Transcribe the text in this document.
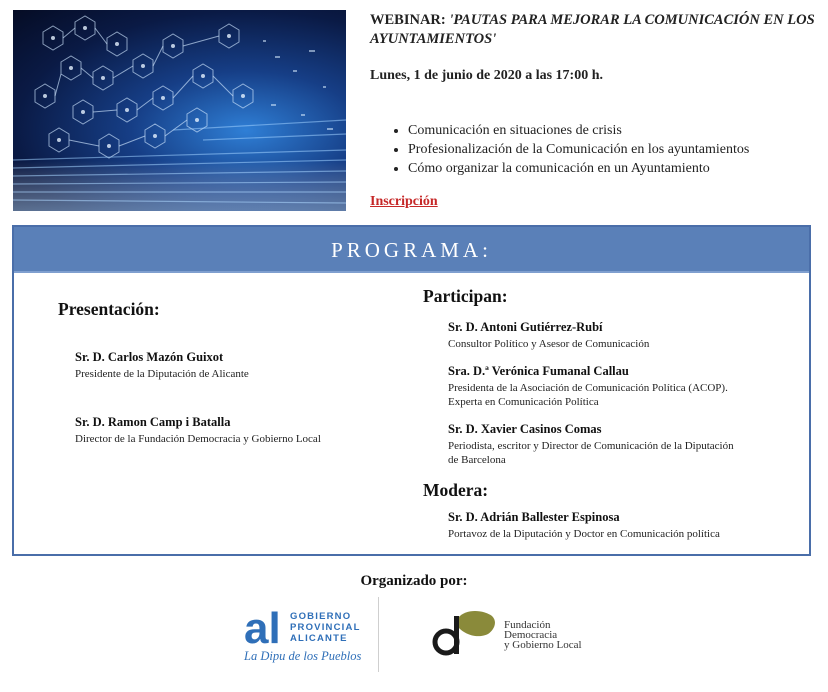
WEBINAR: 'PAUTAS PARA MEJORAR LA COMUNICACIÓN EN LOS AYUNTAMIENTOS'
Lunes, 1 de junio de 2020 a las 17:00 h.
• Comunicación en situaciones de crisis
• Profesionalización de la Comunicación en los ayuntamientos
• Cómo organizar la comunicación en un Ayuntamiento
Inscripción
PROGRAMA:
Presentación:
Sr. D. Carlos Mazón Guixot
Presidente de la Diputación de Alicante
Sr. D. Ramon Camp i Batalla
Director de la Fundación Democracia y Gobierno Local
Participan:
Sr. D. Antoni Gutiérrez-Rubí
Consultor Político y Asesor de Comunicación
Sra. D.ª Verónica Fumanal Callau
Presidenta de la Asociación de Comunicación Política (ACOP).
Experta en Comunicación Política
Sr. D. Xavier Casinos Comas
Periodista, escritor y Director de Comunicación de la Diputación
de Barcelona
Modera:
Sr. D. Adrián Ballester Espinosa
Portavoz de la Diputación y Doctor en Comunicación política
Organizado por:
al GOBIERNO
PROVINCIAL
ALICANTE
La Dipu de los Pueblos
Fundación
Democracia
y Gobierno Local
